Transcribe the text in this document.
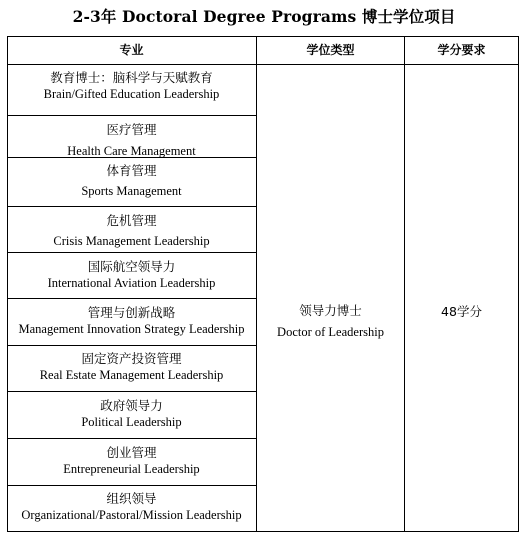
2-3年 Doctoral Degree Programs 博士学位项目
专业	学位类型	学分要求
教育博士：脑科学与天赋教育
Brain/Gifted Education Leadership
医疗管理
Health Care Management
体育管理
Sports Management
危机管理
Crisis Management Leadership
国际航空领导力
International Aviation Leadership
管理与创新战略
Management Innovation Strategy Leadership
固定资产投资管理
Real Estate Management Leadership
政府领导力
Political Leadership
创业管理
Entrepreneurial Leadership
组织领导
Organizational/Pastoral/Mission Leadership
领导力博士
Doctor of Leadership
48学分
